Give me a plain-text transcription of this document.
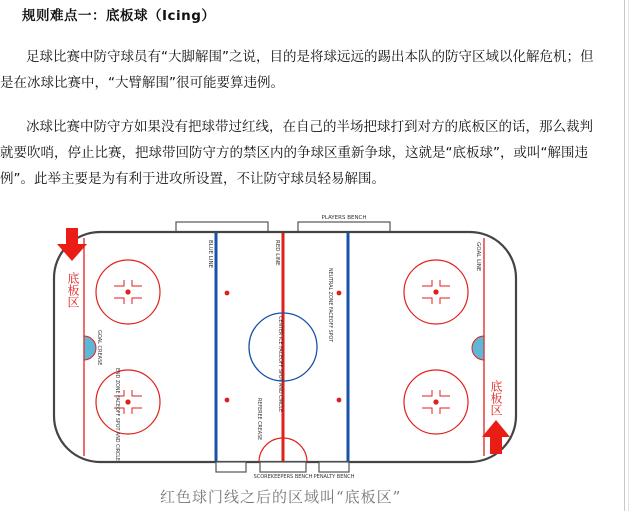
规则难点一：底板球（Icing）

足球比赛中防守球员有“大脚解围”之说，目的是将球远远的踢出本队的防守区域以化解危机；但是在冰球比赛中，“大臂解围”很可能要算违例。

冰球比赛中防守方如果没有把球带过红线，在自己的半场把球打到对方的底板区的话，那么裁判就要吹哨，停止比赛，把球带回防守方的禁区内的争球区重新争球，这就是“底板球”，或叫“解围违例”。此举主要是为有利于进攻所设置，不让防守球员轻易解围。

PLAYERS BENCH
SCOREKEEPERS BENCH PENALTY BENCH
BLUE LINE	RED LINE	GOAL LINE
GOAL CREASE
NEUTRAL ZONE FACEOFF SPOT
CENTER ICE FACEOFF SPOT AND CIRCLE
END ZONE FACEOFF SPOT AND CIRCLE	REFEREE CREASE
底板区
底板区
红色球门线之后的区域叫“底板区”
